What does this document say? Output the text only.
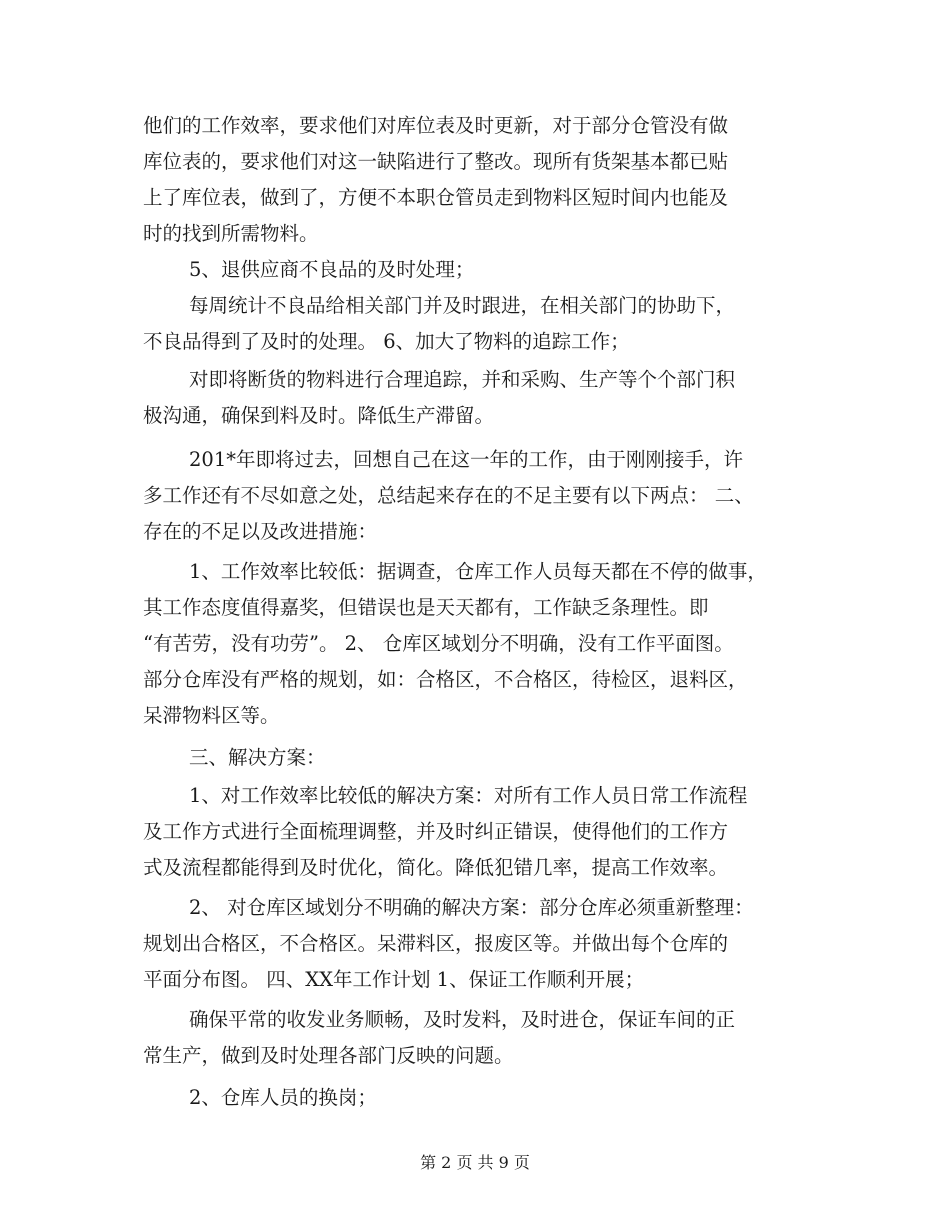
他们的工作效率，要求他们对库位表及时更新，对于部分仓管没有做
库位表的，要求他们对这一缺陷进行了整改。现所有货架基本都已贴
上了库位表，做到了，方便不本职仓管员走到物料区短时间内也能及
时的找到所需物料。
5、退供应商不良品的及时处理；
每周统计不良品给相关部门并及时跟进，在相关部门的协助下，
不良品得到了及时的处理。 6、加大了物料的追踪工作；
对即将断货的物料进行合理追踪，并和采购、生产等个个部门积
极沟通，确保到料及时。降低生产滞留。
201*年即将过去，回想自己在这一年的工作，由于刚刚接手，许
多工作还有不尽如意之处，总结起来存在的不足主要有以下两点： 二、
存在的不足以及改进措施：
1、工作效率比较低：据调查，仓库工作人员每天都在不停的做事，
其工作态度值得嘉奖，但错误也是天天都有，工作缺乏条理性。即
“有苦劳，没有功劳”。 2、 仓库区域划分不明确，没有工作平面图。
部分仓库没有严格的规划，如：合格区，不合格区，待检区，退料区，
呆滞物料区等。
三、解决方案：
1、对工作效率比较低的解决方案：对所有工作人员日常工作流程
及工作方式进行全面梳理调整，并及时纠正错误，使得他们的工作方
式及流程都能得到及时优化，简化。降低犯错几率，提高工作效率。
2、 对仓库区域划分不明确的解决方案：部分仓库必须重新整理：
规划出合格区，不合格区。呆滞料区，报废区等。并做出每个仓库的
平面分布图。 四、XX年工作计划 1、保证工作顺利开展；
确保平常的收发业务顺畅，及时发料，及时进仓，保证车间的正
常生产，做到及时处理各部门反映的问题。
2、仓库人员的换岗；
第 2 页 共 9 页
